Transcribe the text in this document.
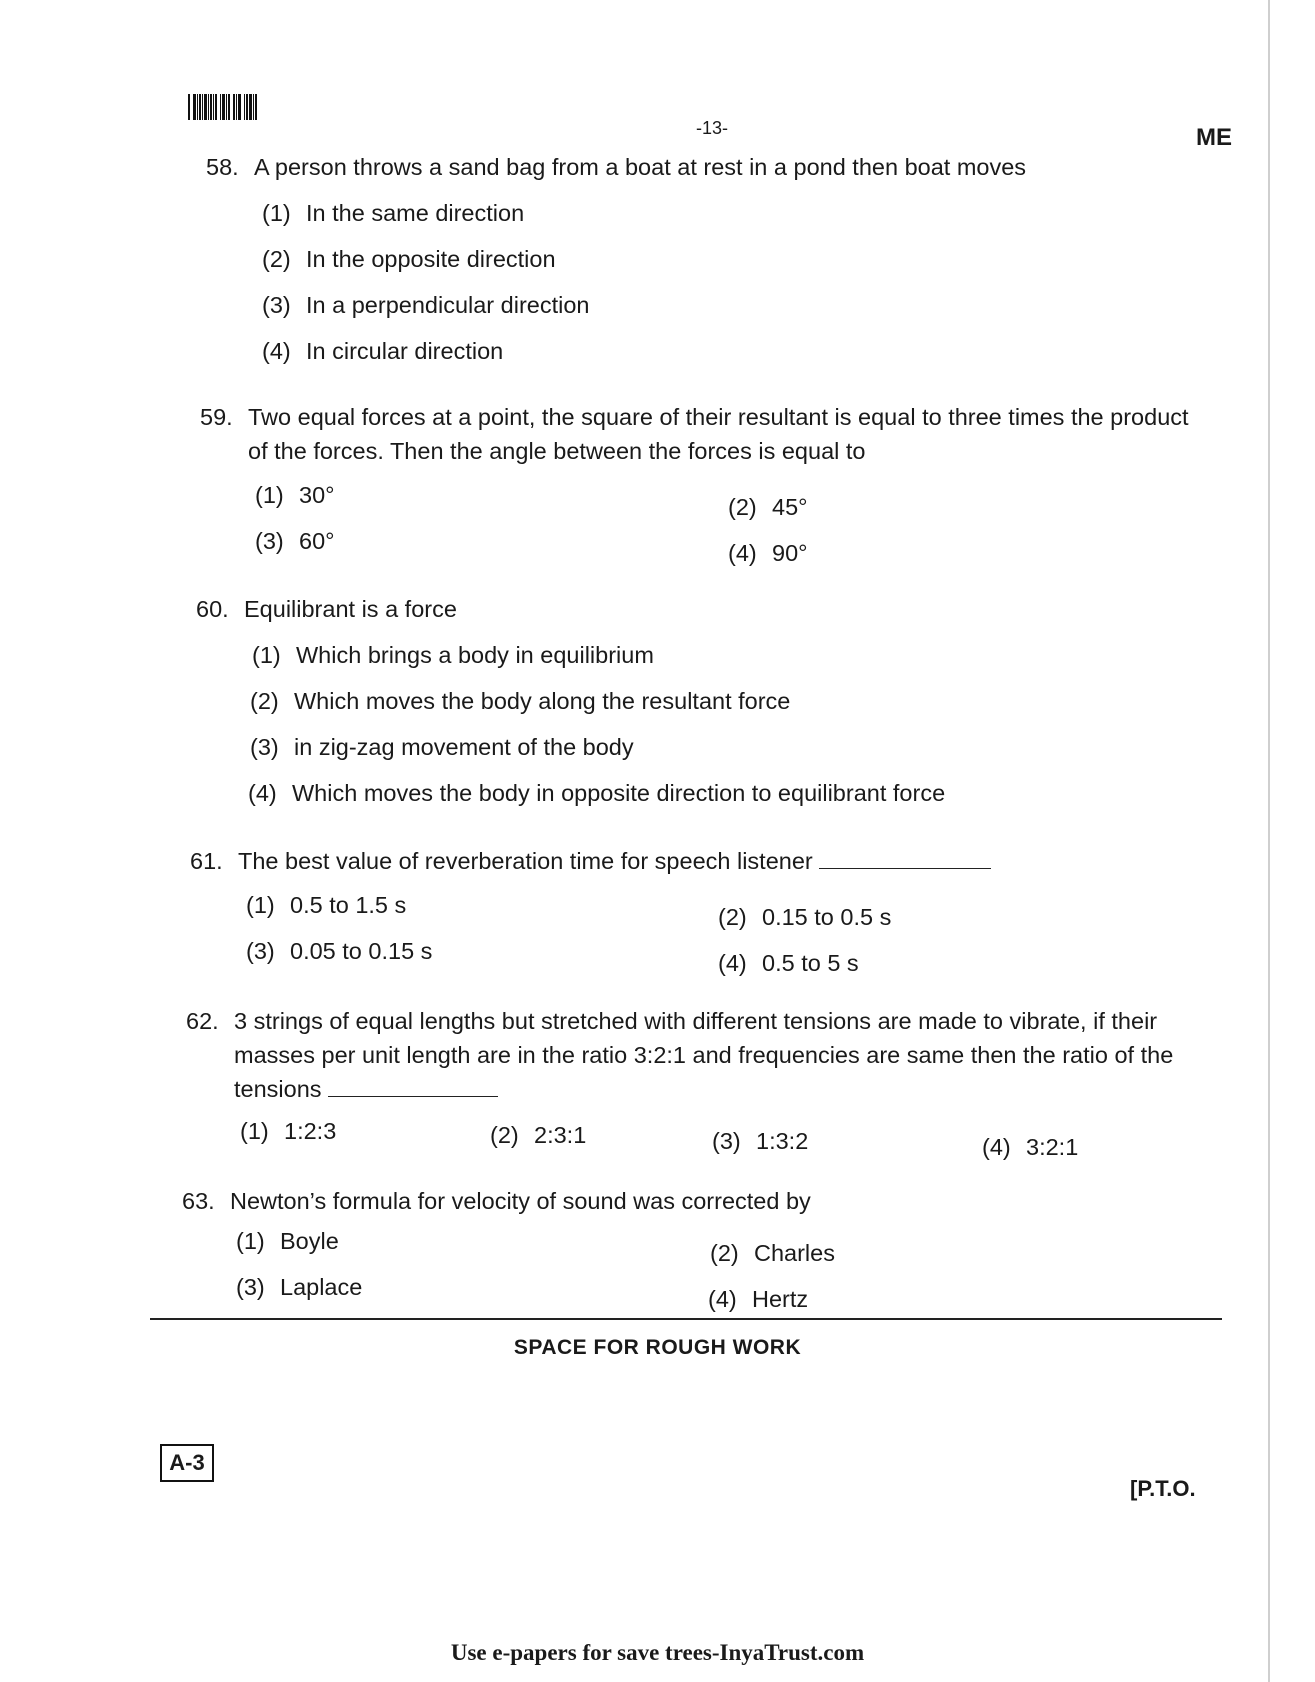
-13-	ME
58. A person throws a sand bag from a boat at rest in a pond then boat moves
(1) In the same direction
(2) In the opposite direction
(3) In a perpendicular direction
(4) In circular direction
59. Two equal forces at a point, the square of their resultant is equal to three times the product of the forces. Then the angle between the forces is equal to
(1) 30°	(2) 45°
(3) 60°	(4) 90°
60. Equilibrant is a force
(1) Which brings a body in equilibrium
(2) Which moves the body along the resultant force
(3) in zig-zag movement of the body
(4) Which moves the body in opposite direction to equilibrant force
61. The best value of reverberation time for speech listener
(1) 0.5 to 1.5 s	(2) 0.15 to 0.5 s
(3) 0.05 to 0.15 s	(4) 0.5 to 5 s
62. 3 strings of equal lengths but stretched with different tensions are made to vibrate, if their masses per unit length are in the ratio 3:2:1 and frequencies are same then the ratio of the tensions
(1) 1:2:3	(2) 2:3:1	(3) 1:3:2	(4) 3:2:1
63. Newton’s formula for velocity of sound was corrected by
(1) Boyle	(2) Charles
(3) Laplace	(4) Hertz
SPACE FOR ROUGH WORK
A-3
[P.T.O.
Use e-papers for save trees-InyaTrust.com
